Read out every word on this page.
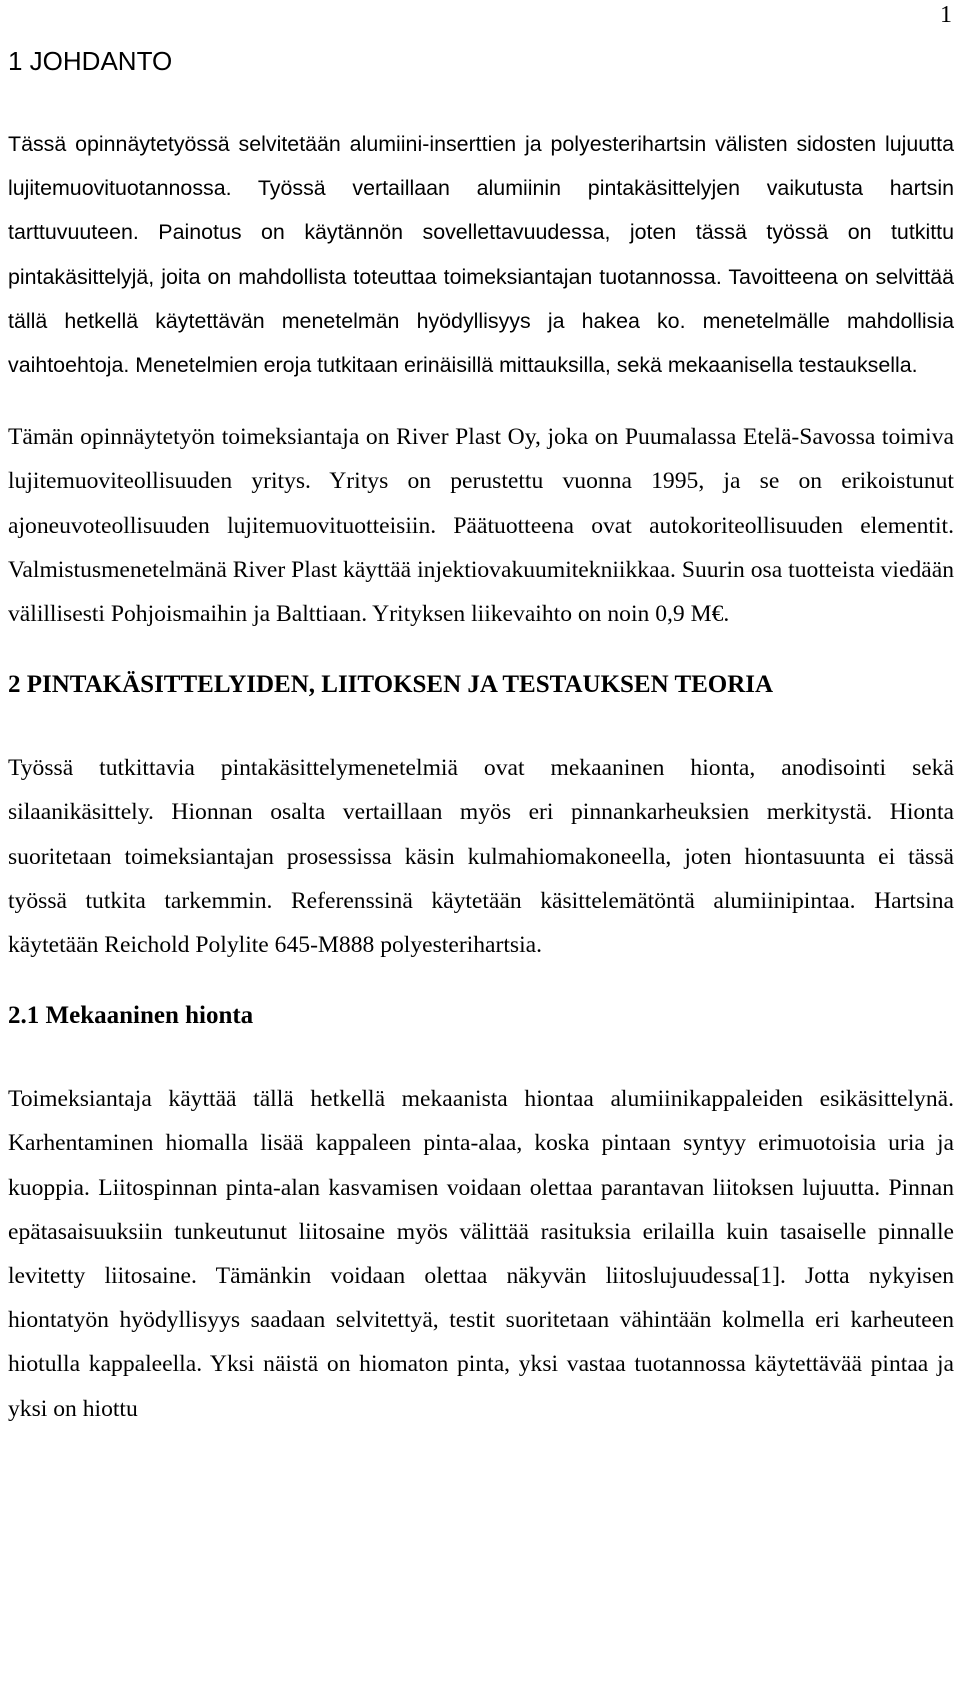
1
1 JOHDANTO

Tässä opinnäytetyössä selvitetään alumiini-inserttien ja polyesterihartsin välisten sidosten lujuutta lujitemuovituotannossa. Työssä vertaillaan alumiinin pintakäsittelyjen vaikutusta hartsin tarttuvuuteen. Painotus on käytännön sovellettavuudessa, joten tässä työssä on tutkittu pintakäsittelyjä, joita on mahdollista toteuttaa toimeksiantajan tuotannossa. Tavoitteena on selvittää tällä hetkellä käytettävän menetelmän hyödyllisyys ja hakea ko. menetelmälle mahdollisia vaihtoehtoja. Menetelmien eroja tutkitaan erinäisillä mittauksilla, sekä mekaanisella testauksella.

Tämän opinnäytetyön toimeksiantaja on River Plast Oy, joka on Puumalassa Etelä-Savossa toimiva lujitemuoviteollisuuden yritys. Yritys on perustettu vuonna 1995, ja se on erikoistunut ajoneuvoteollisuuden lujitemuovituotteisiin. Päätuotteena ovat autokoriteollisuuden elementit. Valmistusmenetelmänä River Plast käyttää injektiovakuumitekniikkaa. Suurin osa tuotteista viedään välillisesti Pohjoismaihin ja Balttiaan. Yrityksen liikevaihto on noin 0,9 M€.

2 PINTAKÄSITTELYIDEN, LIITOKSEN JA TESTAUKSEN TEORIA

Työssä tutkittavia pintakäsittelymenetelmiä ovat mekaaninen hionta, anodisointi sekä silaanikäsittely. Hionnan osalta vertaillaan myös eri pinnankarheuksien merkitystä. Hionta suoritetaan toimeksiantajan prosessissa käsin kulmahiomakoneella, joten hiontasuunta ei tässä työssä tutkita tarkemmin. Referenssinä käytetään käsittelemätöntä alumiinipintaa. Hartsina käytetään Reichold Polylite 645-M888 polyesterihartsia.

2.1 Mekaaninen hionta

Toimeksiantaja käyttää tällä hetkellä mekaanista hiontaa alumiinikappaleiden esikäsittelynä. Karhentaminen hiomalla lisää kappaleen pinta-alaa, koska pintaan syntyy erimuotoisia uria ja kuoppia. Liitospinnan pinta-alan kasvamisen voidaan olettaa parantavan liitoksen lujuutta. Pinnan epätasaisuuksiin tunkeutunut liitosaine myös välittää rasituksia erilailla kuin tasaiselle pinnalle levitetty liitosaine. Tämänkin voidaan olettaa näkyvän liitoslujuudessa[1]. Jotta nykyisen hiontatyön hyödyllisyys saadaan selvitettyä, testit suoritetaan vähintään kolmella eri karheuteen hiotulla kappaleella. Yksi näistä on hiomaton pinta, yksi vastaa tuotannossa käytettävää pintaa ja yksi on hiottu
